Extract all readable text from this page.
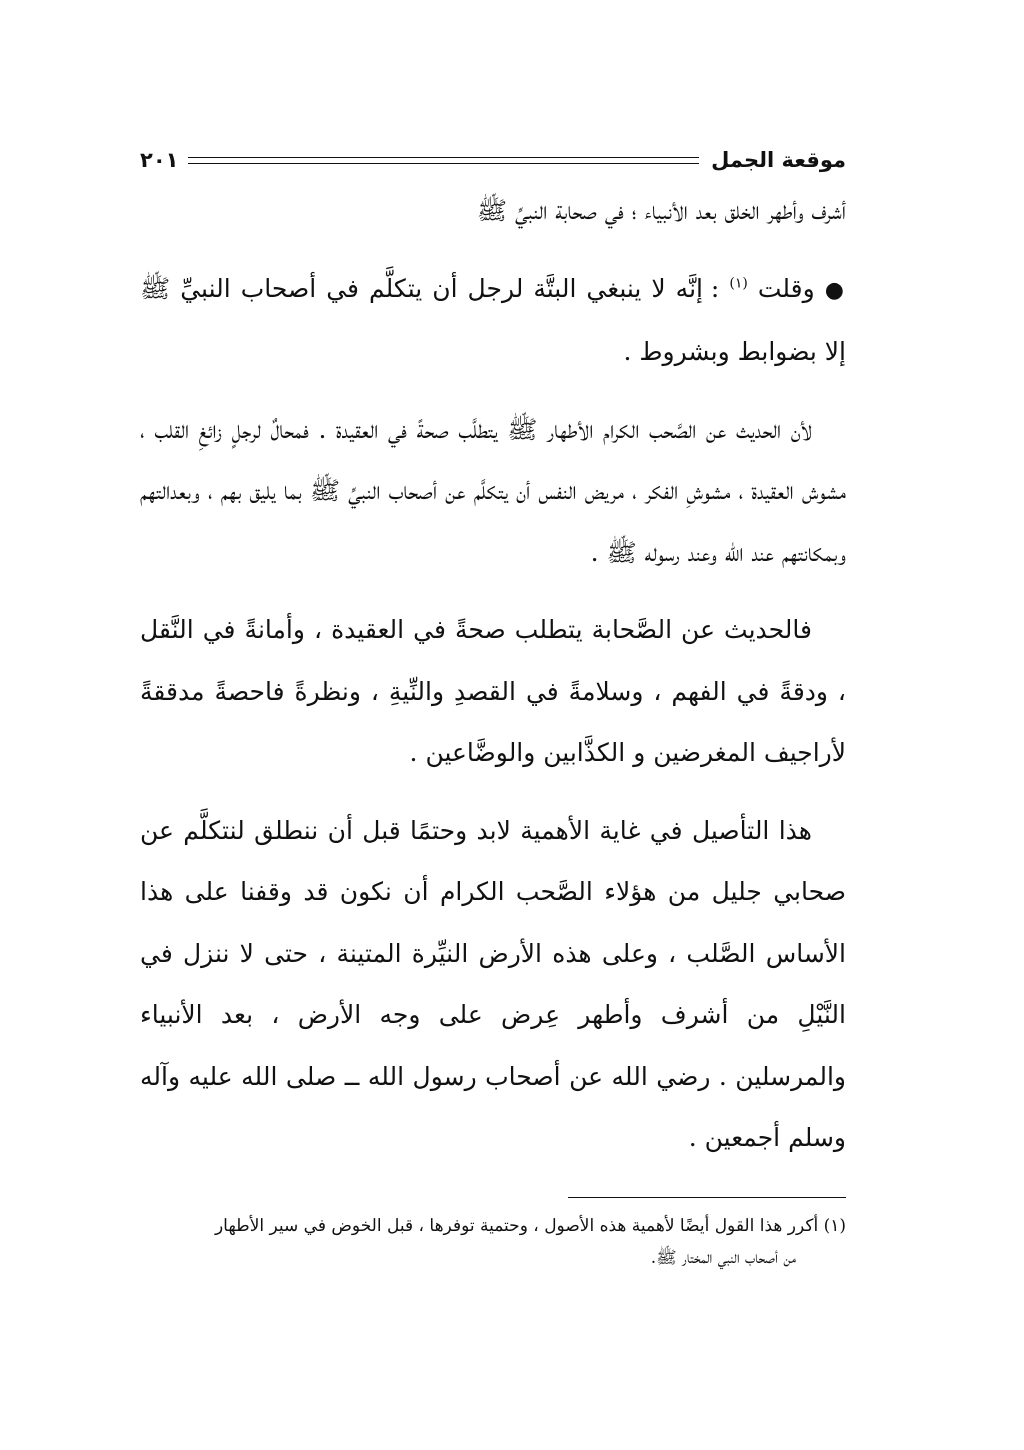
موقعة الجمل
٢٠١

أشرف وأطهر الخلق بعد الأنبياء ؛ في صحابة النبيِّ ﷺ

● وقلت $^{(١)}$ : إنَّه لا ينبغي البتَّة لرجل أن يتكلَّم في أصحاب النبيِّ ﷺ إلا بضوابط وبشروط .

لأن الحديث عن الصَّحب الكرام الأطهار ﷺ يتطلَّب صحةً في العقيدة . فمحالٌ لرجلٍ زائغِ القلب ، مشوش العقيدة ، مشوشِ الفكر ، مريض النفس أن يتكلَّم عن أصحاب النبيِّ ﷺ بما يليق بهم ، وبعدالتهم وبمكانتهم عند الله وعند رسوله ﷺ .

فالحديث عن الصَّحابة يتطلب صحةً في العقيدة ، وأمانةً في النَّقل ، ودقةً في الفهم ، وسلامةً في القصدِ والنِّيةِ ، ونظرةً فاحصةً مدققةً لأراجيف المغرضين و الكذَّابين والوضَّاعين .

هذا التأصيل في غاية الأهمية لابد وحتمًا قبل أن ننطلق لنتكلَّم عن صحابي جليل من هؤلاء الصَّحب الكرام أن نكون قد وقفنا على هذا الأساس الصَّلب ، وعلى هذه الأرض النيِّرة المتينة ، حتى لا ننزل في النَّيْلِ من أشرف وأطهر عِرض على وجه الأرض ، بعد الأنبياء والمرسلين . رضي الله عن أصحاب رسول الله ــ صلى الله عليه وآله وسلم أجمعين .

(١) أكرر هذا القول أيضًا لأهمية هذه الأصول ، وحتمية توفرها ، قبل الخوض في سير الأطهار
من أصحاب النبي المختار ﷺ.
